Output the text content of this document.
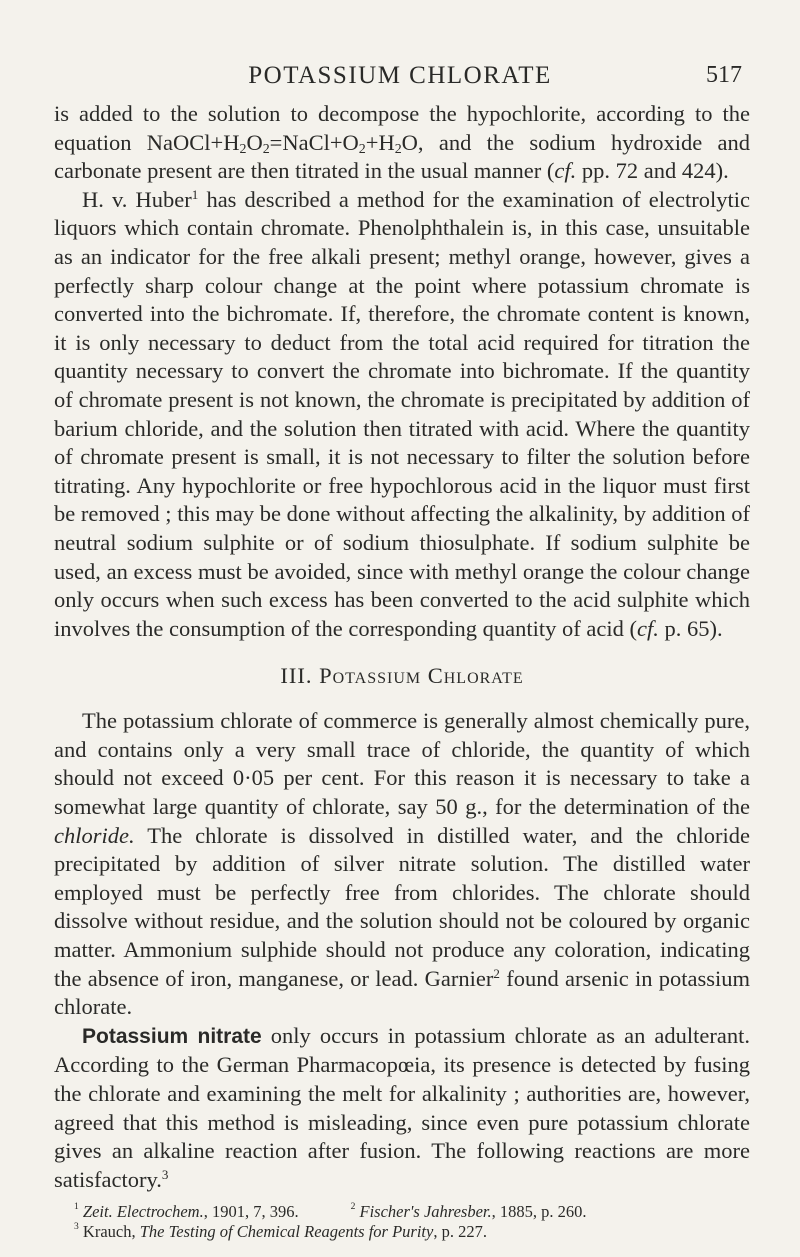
POTASSIUM CHLORATE	517

is added to the solution to decompose the hypochlorite, according to the equation $NaOCl+H_2O_2=NaCl+O_2+H_2O$, and the sodium hydroxide and carbonate present are then titrated in the usual manner (cf. pp. 72 and 424).

H. v. Huber$^1$ has described a method for the examination of electrolytic liquors which contain chromate. Phenolphthalein is, in this case, unsuitable as an indicator for the free alkali present; methyl orange, however, gives a perfectly sharp colour change at the point where potassium chromate is converted into the bichromate. If, therefore, the chromate content is known, it is only necessary to deduct from the total acid required for titration the quantity necessary to convert the chromate into bichromate. If the quantity of chromate present is not known, the chromate is precipitated by addition of barium chloride, and the solution then titrated with acid. Where the quantity of chromate present is small, it is not necessary to filter the solution before titrating. Any hypochlorite or free hypochlorous acid in the liquor must first be removed ; this may be done without affecting the alkalinity, by addition of neutral sodium sulphite or of sodium thiosulphate. If sodium sulphite be used, an excess must be avoided, since with methyl orange the colour change only occurs when such excess has been converted to the acid sulphite which involves the consumption of the corresponding quantity of acid (cf. p. 65).

III. Potassium Chlorate

The potassium chlorate of commerce is generally almost chemically pure, and contains only a very small trace of chloride, the quantity of which should not exceed 0·05 per cent. For this reason it is necessary to take a somewhat large quantity of chlorate, say 50 g., for the determination of the chloride. The chlorate is dissolved in distilled water, and the chloride precipitated by addition of silver nitrate solution. The distilled water employed must be perfectly free from chlorides. The chlorate should dissolve without residue, and the solution should not be coloured by organic matter. Ammonium sulphide should not produce any coloration, indicating the absence of iron, manganese, or lead. Garnier$^2$ found arsenic in potassium chlorate.

Potassium nitrate only occurs in potassium chlorate as an adulterant. According to the German Pharmacopœia, its presence is detected by fusing the chlorate and examining the melt for alkalinity ; authorities are, however, agreed that this method is misleading, since even pure potassium chlorate gives an alkaline reaction after fusion. The following reactions are more satisfactory.$^3$

$^1$ Zeit. Electrochem., 1901, 7, 396.	$^2$ Fischer's Jahresber., 1885, p. 260.
$^3$ Krauch, The Testing of Chemical Reagents for Purity, p. 227.
